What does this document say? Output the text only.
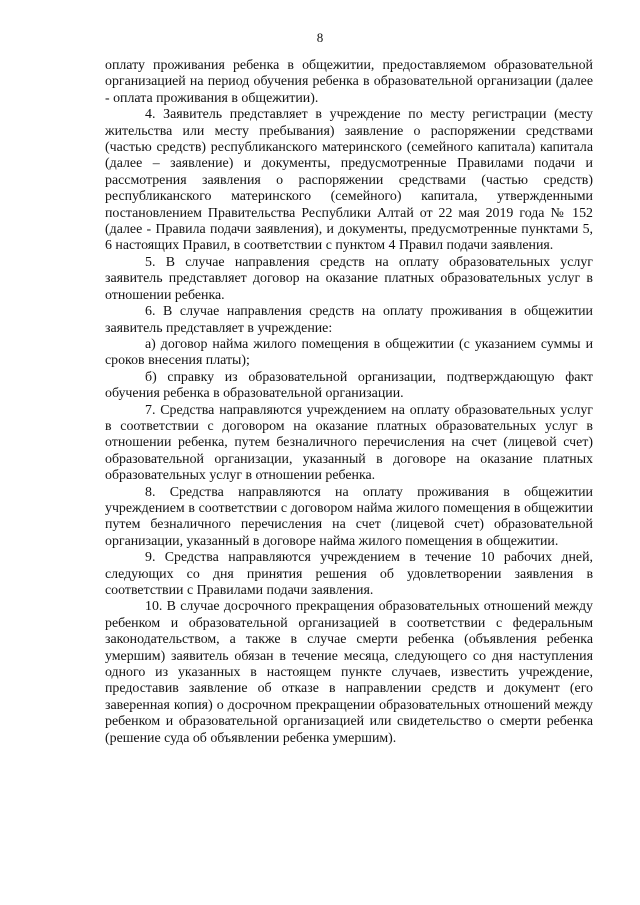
8

оплату проживания ребенка в общежитии, предоставляемом образовательной организацией на период обучения ребенка в образовательной организации (далее - оплата проживания в общежитии).

4. Заявитель представляет в учреждение по месту регистрации (месту жительства или месту пребывания) заявление о распоряжении средствами (частью средств) республиканского материнского (семейного капитала) капитала (далее – заявление) и документы, предусмотренные Правилами подачи и рассмотрения заявления о распоряжении средствами (частью средств) республиканского материнского (семейного) капитала, утвержденными постановлением Правительства Республики Алтай от 22 мая 2019 года № 152 (далее - Правила подачи заявления), и документы, предусмотренные пунктами 5, 6 настоящих Правил, в соответствии с пунктом 4 Правил подачи заявления.

5. В случае направления средств на оплату образовательных услуг заявитель представляет договор на оказание платных образовательных услуг в отношении ребенка.

6. В случае направления средств на оплату проживания в общежитии заявитель представляет в учреждение:

а) договор найма жилого помещения в общежитии (с указанием суммы и сроков внесения платы);

б) справку из образовательной организации, подтверждающую факт обучения ребенка в образовательной организации.

7. Средства направляются учреждением на оплату образовательных услуг в соответствии с договором на оказание платных образовательных услуг в отношении ребенка, путем безналичного перечисления на счет (лицевой счет) образовательной организации, указанный в договоре на оказание платных образовательных услуг в отношении ребенка.

8. Средства направляются на оплату проживания в общежитии учреждением в соответствии с договором найма жилого помещения в общежитии путем безналичного перечисления на счет (лицевой счет) образовательной организации, указанный в договоре найма жилого помещения в общежитии.

9. Средства направляются учреждением в течение 10 рабочих дней, следующих со дня принятия решения об удовлетворении заявления в соответствии с Правилами подачи заявления.

10. В случае досрочного прекращения образовательных отношений между ребенком и образовательной организацией в соответствии с федеральным законодательством, а также в случае смерти ребенка (объявления ребенка умершим) заявитель обязан в течение месяца, следующего со дня наступления одного из указанных в настоящем пункте случаев, известить учреждение, предоставив заявление об отказе в направлении средств и документ (его заверенная копия) о досрочном прекращении образовательных отношений между ребенком и образовательной организацией или свидетельство о смерти ребенка (решение суда об объявлении ребенка умершим).
